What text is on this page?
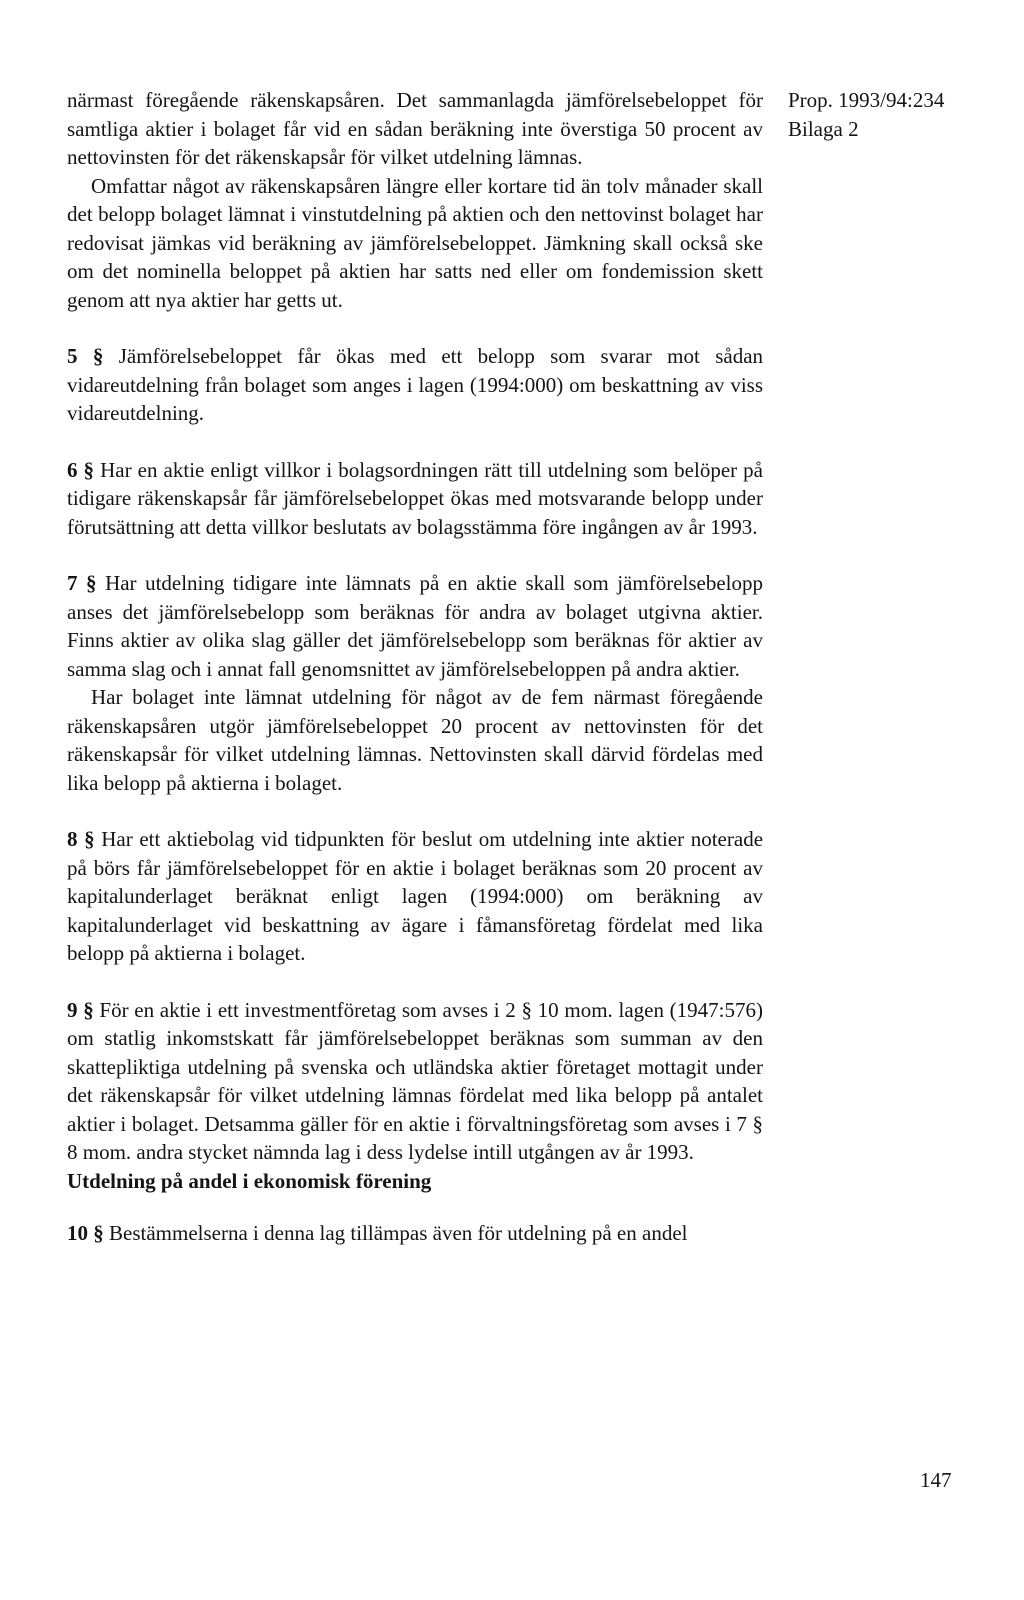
närmast föregående räkenskapsåren. Det sammanlagda jämförelsebeloppet för samtliga aktier i bolaget får vid en sådan beräkning inte överstiga 50 procent av nettovinsten för det räkenskapsår för vilket utdelning lämnas.

Omfattar något av räkenskapsåren längre eller kortare tid än tolv månader skall det belopp bolaget lämnat i vinstutdelning på aktien och den nettovinst bolaget har redovisat jämkas vid beräkning av jämförelsebeloppet. Jämkning skall också ske om det nominella beloppet på aktien har satts ned eller om fondemission skett genom att nya aktier har getts ut.

5 § Jämförelsebeloppet får ökas med ett belopp som svarar mot sådan vidareutdelning från bolaget som anges i lagen (1994:000) om beskattning av viss vidareutdelning.

6 § Har en aktie enligt villkor i bolagsordningen rätt till utdelning som belöper på tidigare räkenskapsår får jämförelsebeloppet ökas med motsvarande belopp under förutsättning att detta villkor beslutats av bolagsstämma före ingången av år 1993.

7 § Har utdelning tidigare inte lämnats på en aktie skall som jämförelsebelopp anses det jämförelsebelopp som beräknas för andra av bolaget utgivna aktier. Finns aktier av olika slag gäller det jämförelsebelopp som beräknas för aktier av samma slag och i annat fall genomsnittet av jämförelsebeloppen på andra aktier.

Har bolaget inte lämnat utdelning för något av de fem närmast föregående räkenskapsåren utgör jämförelsebeloppet 20 procent av nettovinsten för det räkenskapsår för vilket utdelning lämnas. Nettovinsten skall därvid fördelas med lika belopp på aktierna i bolaget.

8 § Har ett aktiebolag vid tidpunkten för beslut om utdelning inte aktier noterade på börs får jämförelsebeloppet för en aktie i bolaget beräknas som 20 procent av kapitalunderlaget beräknat enligt lagen (1994:000) om beräkning av kapitalunderlaget vid beskattning av ägare i fåmansföretag fördelat med lika belopp på aktierna i bolaget.

9 § För en aktie i ett investmentföretag som avses i 2 § 10 mom. lagen (1947:576) om statlig inkomstskatt får jämförelsebeloppet beräknas som summan av den skattepliktiga utdelning på svenska och utländska aktier företaget mottagit under det räkenskapsår för vilket utdelning lämnas fördelat med lika belopp på antalet aktier i bolaget. Detsamma gäller för en aktie i förvaltningsföretag som avses i 7 § 8 mom. andra stycket nämnda lag i dess lydelse intill utgången av år 1993.

Utdelning på andel i ekonomisk förening

10 § Bestämmelserna i denna lag tillämpas även för utdelning på en andel

Prop. 1993/94:234
Bilaga 2
147
